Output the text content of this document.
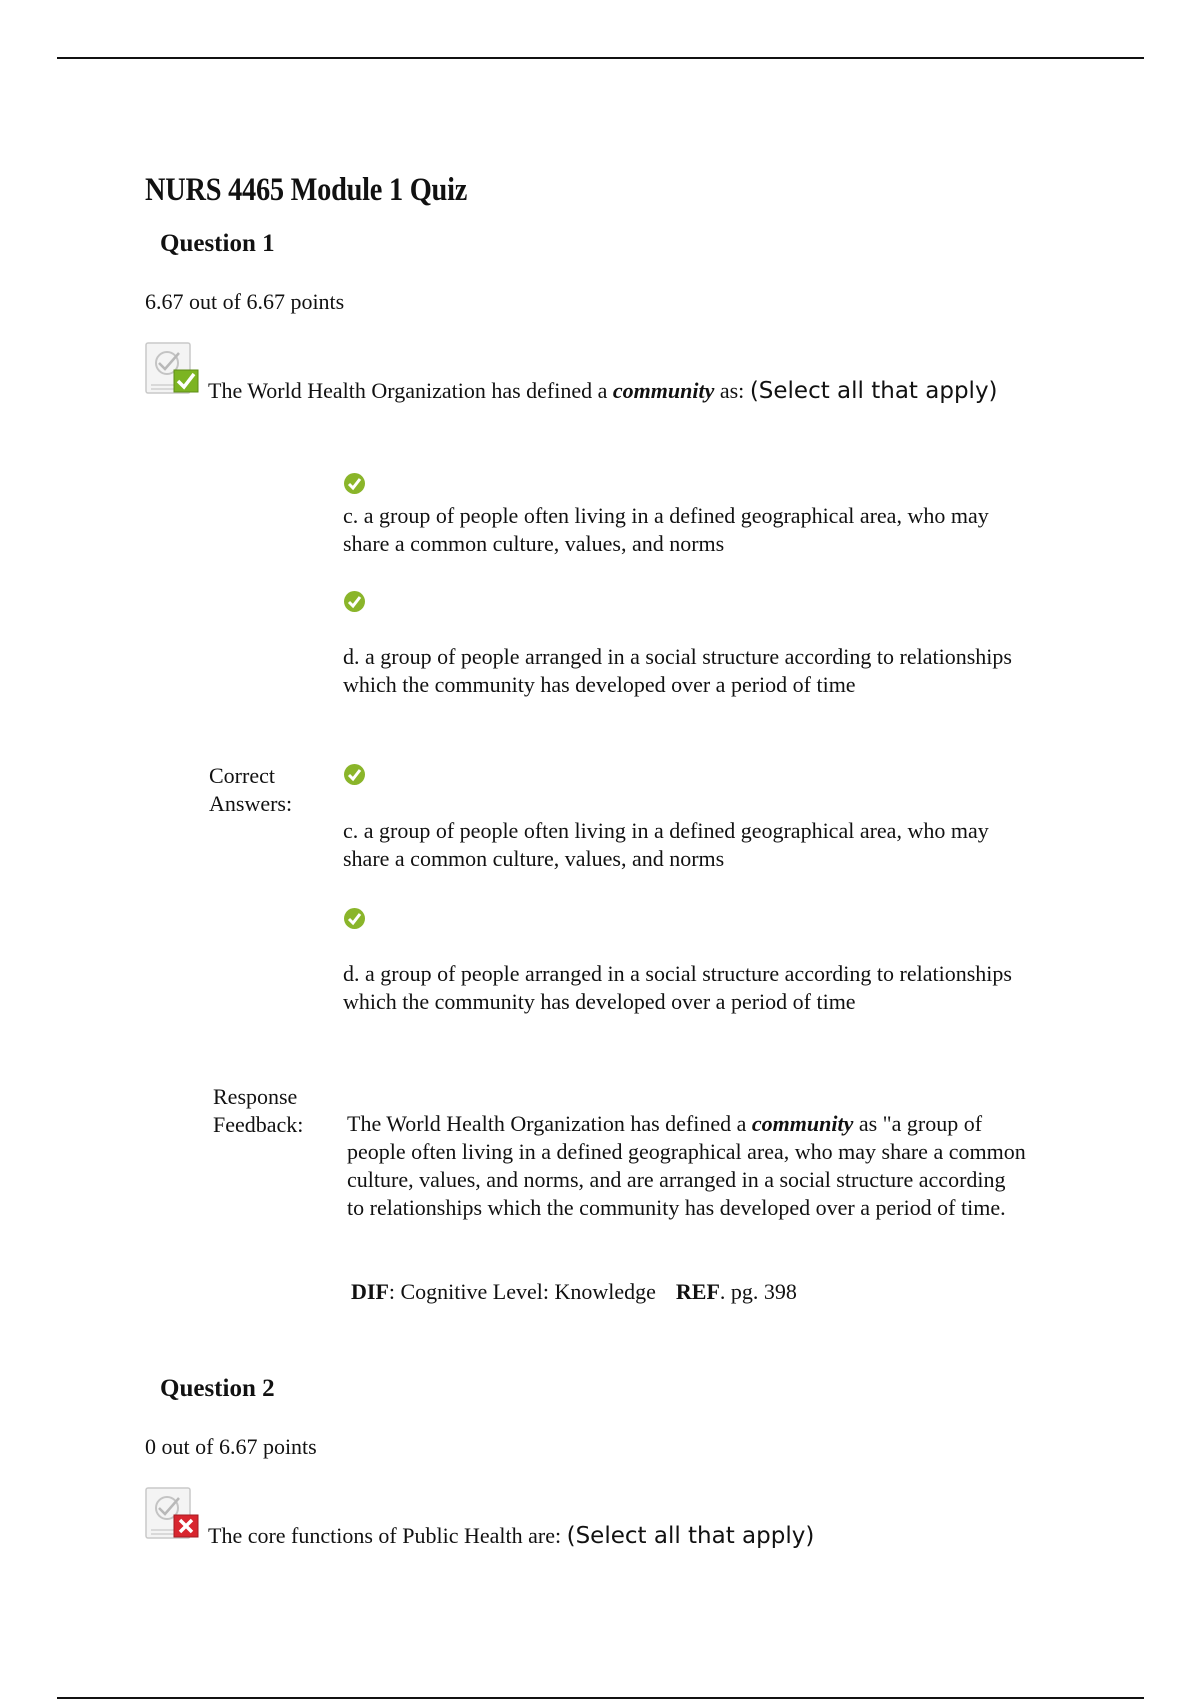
NURS 4465 Module 1 Quiz
Question 1
6.67 out of 6.67 points
The World Health Organization has defined a community as: (Select all that apply)
c. a group of people often living in a defined geographical area, who may share a common culture, values, and norms
d. a group of people arranged in a social structure according to relationships which the community has developed over a period of time
Correct Answers:
c. a group of people often living in a defined geographical area, who may share a common culture, values, and norms
d. a group of people arranged in a social structure according to relationships which the community has developed over a period of time
Response Feedback:	The World Health Organization has defined a community as "a group of people often living in a defined geographical area, who may share a common culture, values, and norms, and are arranged in a social structure according to relationships which the community has developed over a period of time.
DIF: Cognitive Level: Knowledge REF. pg. 398
Question 2
0 out of 6.67 points
The core functions of Public Health are: (Select all that apply)
